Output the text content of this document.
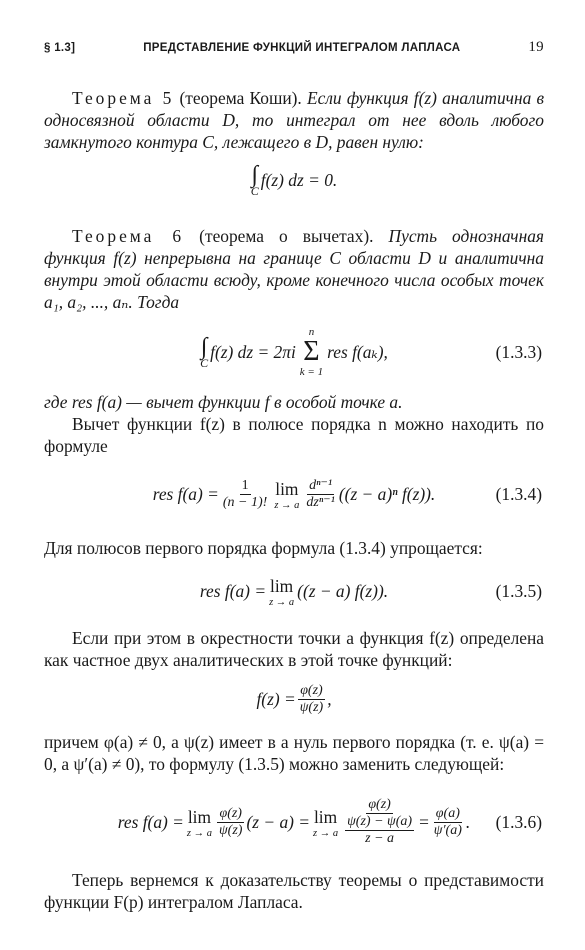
§ 1.3]	ПРЕДСТАВЛЕНИЕ ФУНКЦИЙ ИНТЕГРАЛОМ ЛАПЛАСА	19

Теорема 5 (теорема Коши). Если функция f(z) аналитична в односвязной области D, то интеграл от нее вдоль любого замкнутого контура C, лежащего в D, равен нулю:

∫
C
f(z) dz = 0.

Теорема 6 (теорема о вычетах). Пусть однозначная функция f(z) непрерывна на границе C области D и аналитична внутри этой области всюду, кроме конечного числа особых точек a₁, a₂, ..., aₙ. Тогда

∫
C
f(z) dz = 2πi
n
Σ
k = 1
res f(aₖ),	(1.3.3)

где res f(a) — вычет функции f в особой точке a.

Вычет функции f(z) в полюсе порядка n можно находить по формуле

res $f(a) = \frac{1}{(n - 1)!}$ lim
z → a $\frac{\text{dⁿ⁻¹}}{\text{dzⁿ⁻¹}} ((z - a)^n$ f(z)).	(1.3.4)

Для полюсов первого порядка формула (1.3.4) упрощается:

res f(a) = lim
z → a
((z − a) f(z)).	(1.3.5)

Если при этом в окрестности точки a функция f(z) определена как частное двух аналитических в этой точке функций:

$f(z) = \frac{\varphi(z)}{\psi(z)}$ ,

причем φ(a) ≠ 0, а ψ(z) имеет в a нуль первого порядка (т. е. ψ(a) = 0, а ψ′(a) ≠ 0), то формулу (1.3.5) можно заменить следующей:

res f(a) = lim
z → a $\frac{\varphi(z)}{\psi(z)} (z - a) = \lim$
z → a φ(z)
ψ(z) − ψ(a)
$z - a = \frac{\varphi(a)}{\psi'(a)}$ . (1.3.6)

Теперь вернемся к доказательству теоремы о представимости функции F(p) интегралом Лапласа.
